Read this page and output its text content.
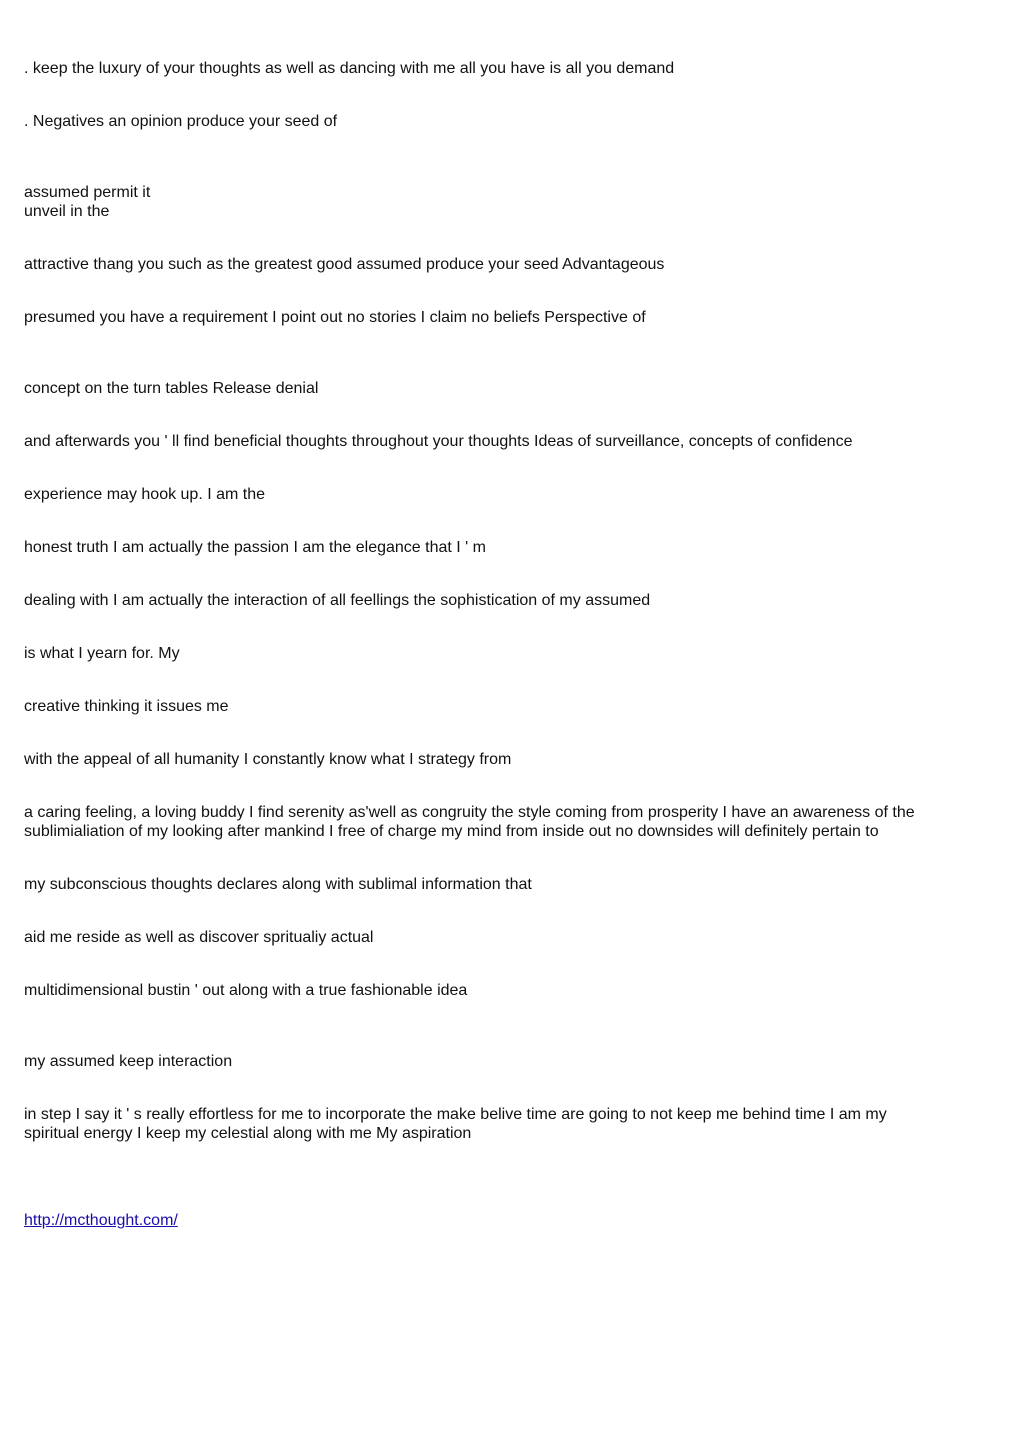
. keep the luxury of your thoughts as well as dancing with me all you have is all you demand

. Negatives an opinion produce your seed of

assumed permit it
unveil in the

attractive thang you such as the greatest good assumed produce your seed Advantageous

presumed you have a requirement I point out no stories I claim no beliefs Perspective of

concept on the turn tables Release denial

and afterwards you ' ll find beneficial thoughts throughout your thoughts Ideas of surveillance, concepts of confidence

experience may hook up. I am the

honest truth I am actually the passion I am the elegance that I ' m

dealing with I am actually the interaction of all feellings the sophistication of my assumed

is what I yearn for. My

creative thinking it issues me

with the appeal of all humanity I constantly know what I strategy from

a caring feeling, a loving buddy I find serenity as'well as congruity the style coming from prosperity I have an awareness of the
sublimialiation of my looking after mankind I free of charge my mind from inside out no downsides will definitely pertain to

my subconscious thoughts declares along with sublimal information that

aid me reside as well as discover spritualiy actual

multidimensional bustin ' out along with a true fashionable idea

my assumed keep interaction

in step I say it ' s really effortless for me to incorporate the make belive time are going to not keep me behind time I am my
spiritual energy I keep my celestial along with me My aspiration

http://mcthought.com/
